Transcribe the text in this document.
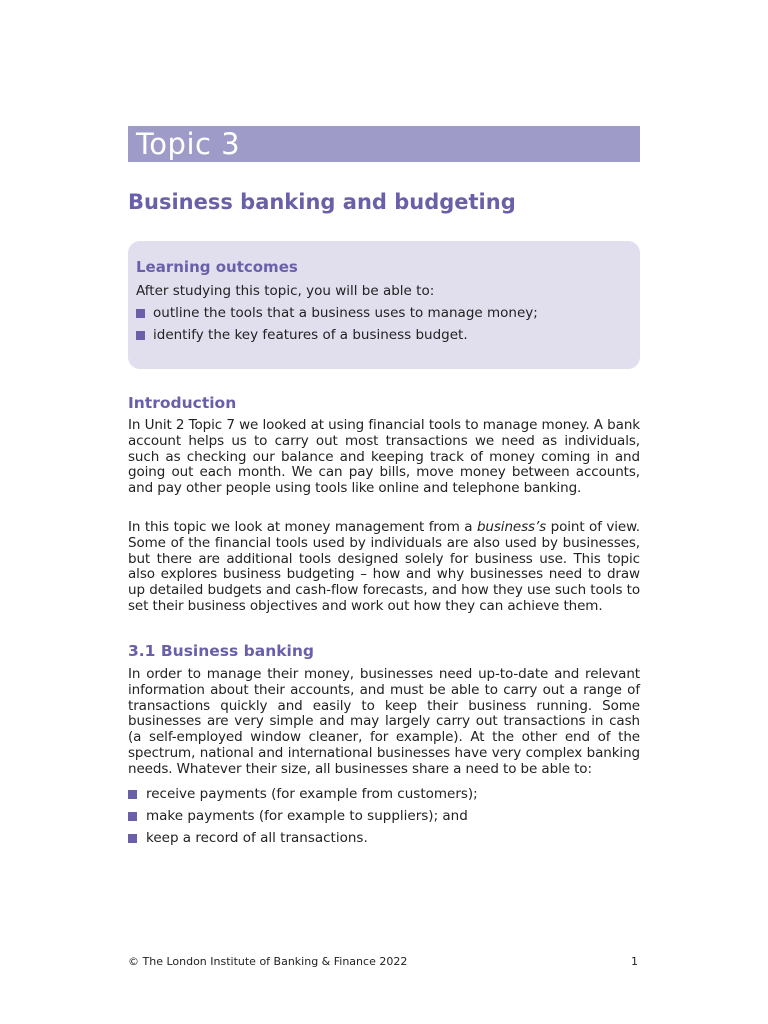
Topic 3
Business banking and budgeting
Learning outcomes
After studying this topic, you will be able to:
outline the tools that a business uses to manage money;
identify the key features of a business budget.
Introduction

In Unit 2 Topic 7 we looked at using financial tools to manage money. A bank account helps us to carry out most transactions we need as individuals, such as checking our balance and keeping track of money coming in and going out each month. We can pay bills, move money between accounts, and pay other people using tools like online and telephone banking.

In this topic we look at money management from a business’s point of view. Some of the financial tools used by individuals are also used by businesses, but there are additional tools designed solely for business use. This topic also explores business budgeting – how and why businesses need to draw up detailed budgets and cash-flow forecasts, and how they use such tools to set their business objectives and work out how they can achieve them.

3.1 Business banking

In order to manage their money, businesses need up-to-date and relevant information about their accounts, and must be able to carry out a range of transactions quickly and easily to keep their business running. Some businesses are very simple and may largely carry out transactions in cash (a self-employed window cleaner, for example). At the other end of the spectrum, national and international businesses have very complex banking needs. Whatever their size, all businesses share a need to be able to:

receive payments (for example from customers);
make payments (for example to suppliers); and
keep a record of all transactions.
© The London Institute of Banking & Finance 2022	1
